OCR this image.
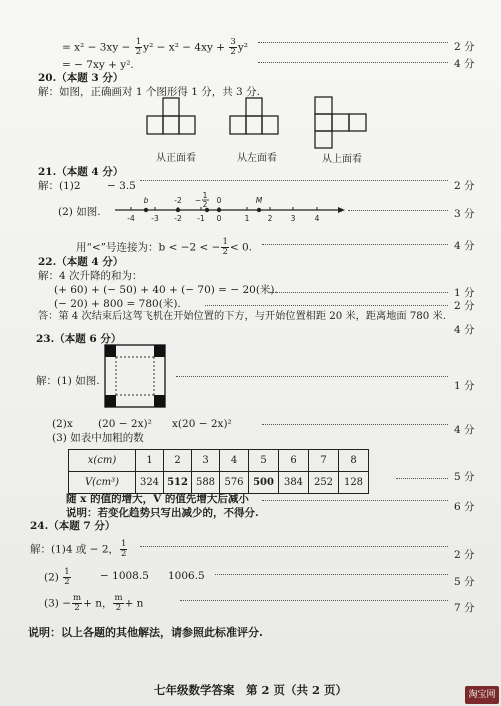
= $x^2 - 3xy - \frac{1}{2} y^2 - x^2 - 4xy + \frac{3}{2} y^2$	2 分
= − 7xy + y².	4 分
20.（本题 3 分）
解：如图，正确画对 1 个图形得 1 分，共 3 分.
从正面看	从左面看	从上面看
21.（本题 4 分）
解：(1)2	− 3.5	2 分
(2) 如图.
b	-2
1
2
− 0	M
-4 -3 -2 -1 0	1 2 3	4	3 分
用“<”号连接为：b < −2 < − $\frac{1}{2} < 0$.	4 分
22.（本题 4 分）
解：4 次升降的和为：
(+ 60) + (− 50) + 40 + (− 70) = − 20(米).	1 分
(− 20) + 800 = 780(米).	2 分
答：第 4 次结束后这驾飞机在开始位置的下方，与开始位置相距 20 米，距离地面 780 米.
4 分
23.（本题 6 分）
解：(1) 如图.	1 分
(2)x (20 − 2x)² x(20 − 2x)²	4 分
(3) 如表中加粗的数
x(cm)	1	2	3	4	5	6	7	8
V(cm³)	324	512	588	576	500	384	252	128	5 分
随 x 的值的增大，V 的值先增大后减小
6 分
说明：若变化趋势只写出减少的，不得分.
24.（本题 7 分）
解：(1)4 或 − 2， $\frac{1}{2}$	2 分
$(2) \frac{1}{2}$	− 1008.5 1006.5	5 分
$(3) - \frac{m}{2} + n$， $\frac{m}{2} + n$	7 分
说明：以上各题的其他解法，请参照此标准评分.
七年级数学答案　第 2 页（共 2 页）	淘宝网
